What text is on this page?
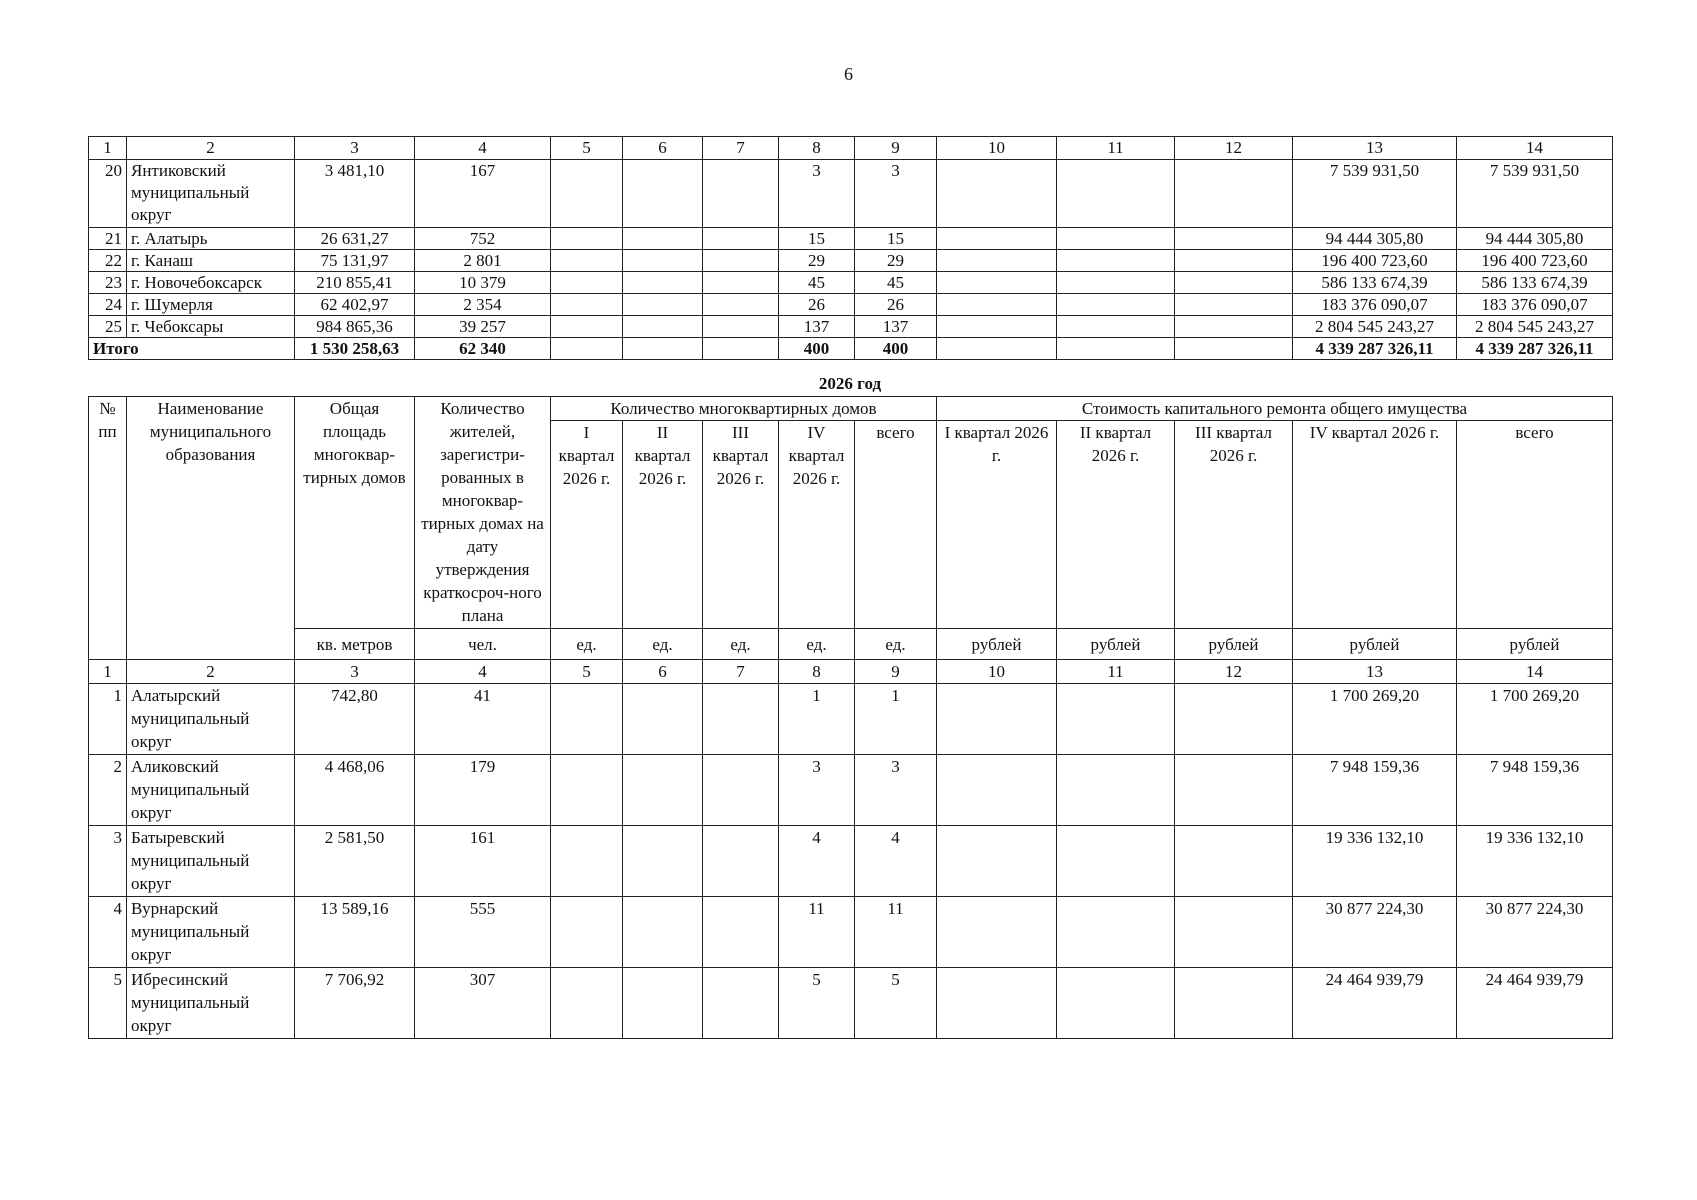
6
1	2	3	4	5	6	7	8	9	10	11	12	13	14
20	Янтиковский муниципальный округ	3 481,10	167				3	3				7 539 931,50	7 539 931,50
21	г. Алатырь	26 631,27	752				15	15				94 444 305,80	94 444 305,80
22	г. Канаш	75 131,97	2 801				29	29				196 400 723,60	196 400 723,60
23	г. Новочебоксарск	210 855,41	10 379				45	45				586 133 674,39	586 133 674,39
24	г. Шумерля	62 402,97	2 354				26	26				183 376 090,07	183 376 090,07
25	г. Чебоксары	984 865,36	39 257				137	137				2 804 545 243,27	2 804 545 243,27
Итого		1 530 258,63	62 340				400	400				4 339 287 326,11	4 339 287 326,11
2026 год
№ пп	Наименование муниципального образования	Общая площадь многоквар-тирных домов	Количество жителей, зарегистри-рованных в многоквар-тирных домах на дату утверждения краткосроч-ного плана	Количество многоквартирных домов					Стоимость капитального ремонта общего имущества				
				I квартал 2026 г.	II квартал 2026 г.	III квартал 2026 г.	IV квартал 2026 г.	всего	I квартал 2026 г.	II квартал 2026 г.	III квартал 2026 г.	IV квартал 2026 г.	всего
		кв. метров	чел.	ед.	ед.	ед.	ед.	ед.	рублей	рублей	рублей	рублей	рублей
1	2	3	4	5	6	7	8	9	10	11	12	13	14
1	Алатырский муниципальный округ	742,80	41				1	1				1 700 269,20	1 700 269,20
2	Аликовский муниципальный округ	4 468,06	179				3	3				7 948 159,36	7 948 159,36
3	Батыревский муниципальный округ	2 581,50	161				4	4				19 336 132,10	19 336 132,10
4	Вурнарский муниципальный округ	13 589,16	555				11	11				30 877 224,30	30 877 224,30
5	Ибресинский муниципальный округ	7 706,92	307				5	5				24 464 939,79	24 464 939,79
